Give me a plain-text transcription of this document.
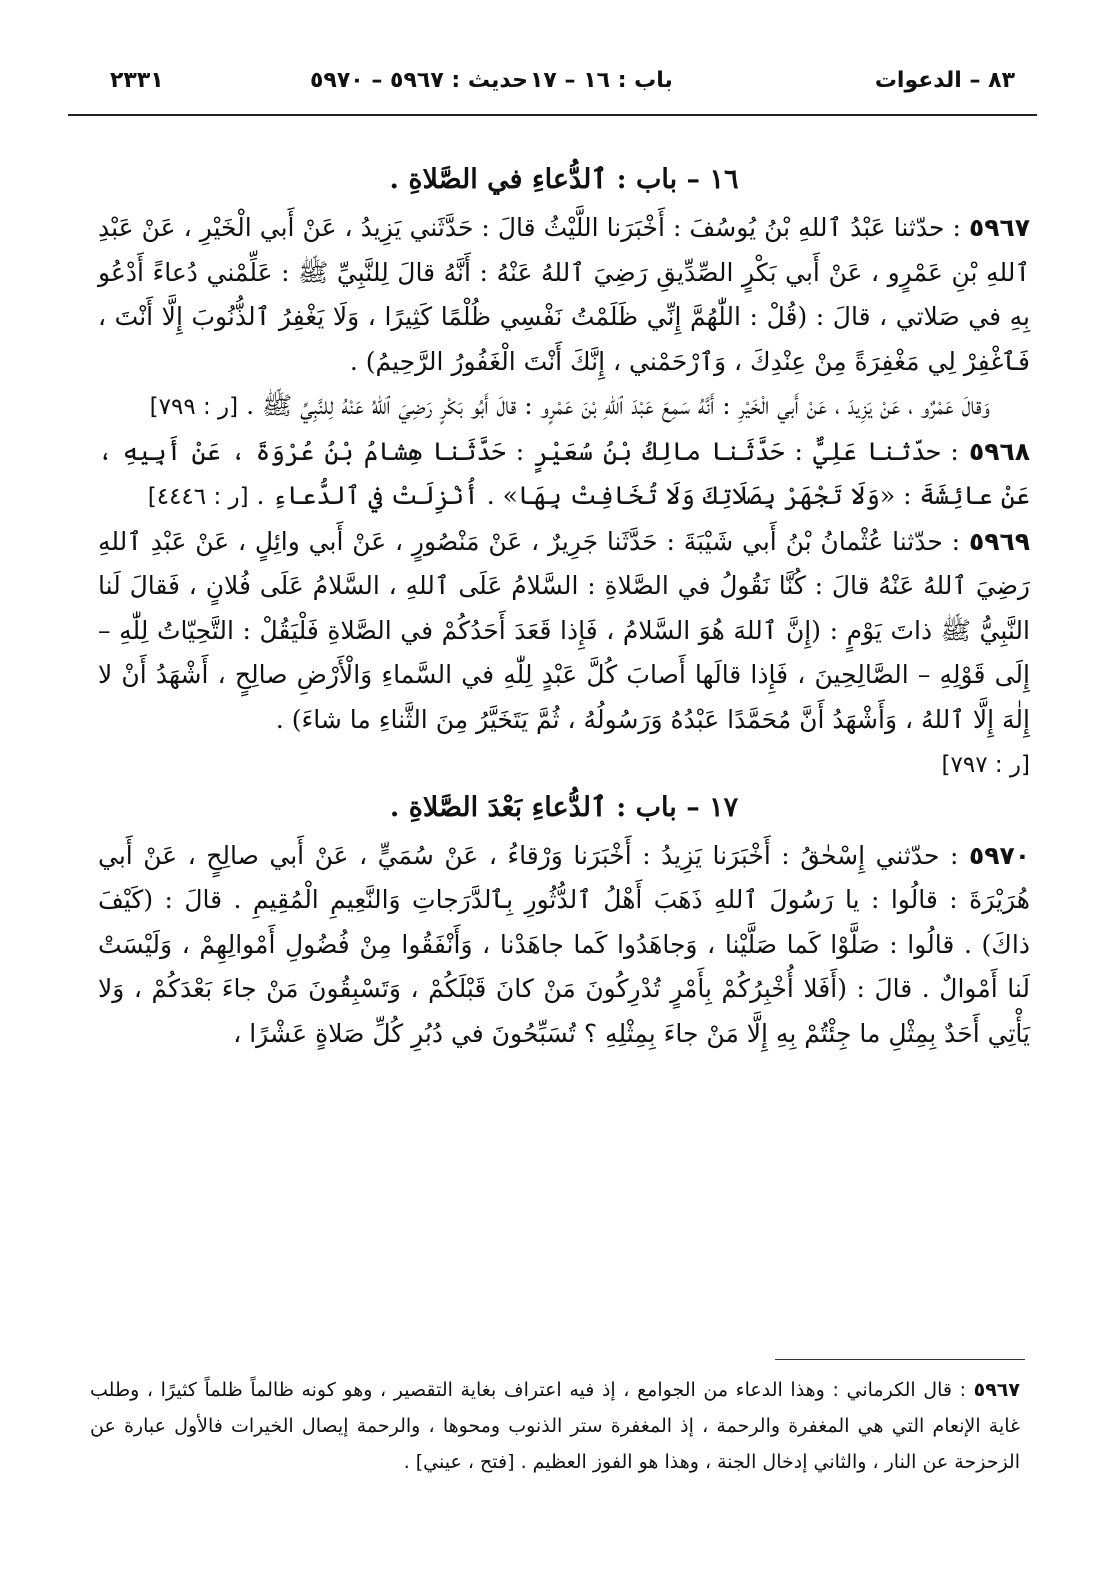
٨٣ – الدعوات
باب : ١٦ – ١٧
حديث : ٥٩٦٧ – ٥٩٧٠
٢٣٣١
١٦ – باب : ٱلدُّعاءِ في الصَّلاةِ .

٥٩٦٧ : حدّثنا عَبْدُ ٱللهِ بْنُ يُوسُفَ : أَخْبَرَنا اللَّيْثُ قالَ : حَدَّثَني يَزِيدُ ، عَنْ أَبي الْخَيْرِ ، عَنْ عَبْدِ ٱللهِ بْنِ عَمْرٍو ، عَنْ أَبي بَكْرٍ الصِّدِّيقِ رَضِيَ ٱللهُ عَنْهُ : أَنَّهُ قالَ لِلنَّبِيِّ ﷺ : عَلِّمْني دُعاءً أَدْعُو بِهِ في صَلاتي ، قالَ : (قُلْ : اللّٰهُمَّ إِنِّي ظَلَمْتُ نَفْسِي ظُلْمًا كَثِيرًا ، وَلَا يَغْفِرُ ٱلذُّنُوبَ إِلَّا أَنْتَ ، فَٱغْفِرْ لِي مَغْفِرَةً مِنْ عِنْدِكَ ، وَٱرْحَمْني ، إِنَّكَ أَنْتَ الْغَفُورُ الرَّحِيمُ) .

وَقالَ عَمْرٌو ، عَنْ يَزِيدَ ، عَنْ أَبي الْخَيْرِ : أَنَّهُ سَمِعَ عَبْدَ ٱللهِ بْنَ عَمْرٍو : قالَ أَبُو بَكْرٍ رَضِيَ ٱللهُ عَنْهُ لِلنَّبِيِّ ﷺ . [ر : ٧٩٩]

٥٩٦٨ : حدّثنا عَلِيٌّ : حَدَّثَنا مالِكُ بْنُ سُعَيْرٍ : حَدَّثَنا هِشامُ بْنُ عُرْوَةَ ، عَنْ أَبِيهِ ، عَنْ عائِشَةَ : «وَلَا تَجْهَرْ بِصَلَاتِكَ وَلَا تُخَافِتْ بِهَا» . أُنْزِلَتْ في ٱلدُّعاءِ . [ر : ٤٤٤٦]

٥٩٦٩ : حدّثنا عُثْمانُ بْنُ أَبي شَيْبَةَ : حَدَّثَنا جَرِيرٌ ، عَنْ مَنْصُورٍ ، عَنْ أَبي وائِلٍ ، عَنْ عَبْدِ ٱللهِ رَضِيَ ٱللهُ عَنْهُ قالَ : كُنَّا نَقُولُ في الصَّلاةِ : السَّلامُ عَلَى ٱللهِ ، السَّلامُ عَلَى فُلانٍ ، فَقالَ لَنا النَّبِيُّ ﷺ ذاتَ يَوْمٍ : (إِنَّ ٱللهَ هُوَ السَّلامُ ، فَإِذا قَعَدَ أَحَدُكُمْ في الصَّلاةِ فَلْيَقُلْ : التَّحِيّاتُ لِلّٰهِ – إِلَى قَوْلِهِ – الصَّالِحِينَ ، فَإِذا قالَها أَصابَ كُلَّ عَبْدٍ لِلّٰهِ في السَّماءِ وَالْأَرْضِ صالِحٍ ، أَشْهَدُ أَنْ لا إِلٰهَ إِلَّا ٱللهُ ، وَأَشْهَدُ أَنَّ مُحَمَّدًا عَبْدُهُ وَرَسُولُهُ ، ثُمَّ يَتَخَيَّرُ مِنَ الثَّناءِ ما شاءَ) .

[ر : ٧٩٧]

١٧ – باب : ٱلدُّعاءِ بَعْدَ الصَّلاةِ .

٥٩٧٠ : حدّثني إِسْحٰقُ : أَخْبَرَنا يَزِيدُ : أَخْبَرَنا وَرْقاءُ ، عَنْ سُمَيٍّ ، عَنْ أَبي صالِحٍ ، عَنْ أَبي هُرَيْرَةَ : قالُوا : يا رَسُولَ ٱللهِ ذَهَبَ أَهْلُ ٱلدُّثُورِ بِٱلدَّرَجاتِ وَالنَّعِيمِ الْمُقِيمِ . قالَ : (كَيْفَ ذاكَ) . قالُوا : صَلَّوْا كَما صَلَّيْنا ، وَجاهَدُوا كَما جاهَدْنا ، وَأَنْفَقُوا مِنْ فُضُولِ أَمْوالِهِمْ ، وَلَيْسَتْ لَنا أَمْوالٌ . قالَ : (أَفَلا أُخْبِرُكُمْ بِأَمْرٍ تُدْرِكُونَ مَنْ كانَ قَبْلَكُمْ ، وَتَسْبِقُونَ مَنْ جاءَ بَعْدَكُمْ ، وَلا يَأْتِي أَحَدٌ بِمِثْلِ ما جِئْتُمْ بِهِ إِلَّا مَنْ جاءَ بِمِثْلِهِ ؟ تُسَبِّحُونَ في دُبُرِ كُلِّ صَلاةٍ عَشْرًا ،

٥٩٦٧ : قال الكرماني : وهذا الدعاء من الجوامع ، إذ فيه اعتراف بغاية التقصير ، وهو كونه ظالماً ظلماً كثيرًا ، وطلب غاية الإنعام التي هي المغفرة والرحمة ، إذ المغفرة ستر الذنوب ومحوها ، والرحمة إيصال الخيرات فالأول عبارة عن الزحزحة عن النار ، والثاني إدخال الجنة ، وهذا هو الفوز العظيم . [فتح ، عيني] .
